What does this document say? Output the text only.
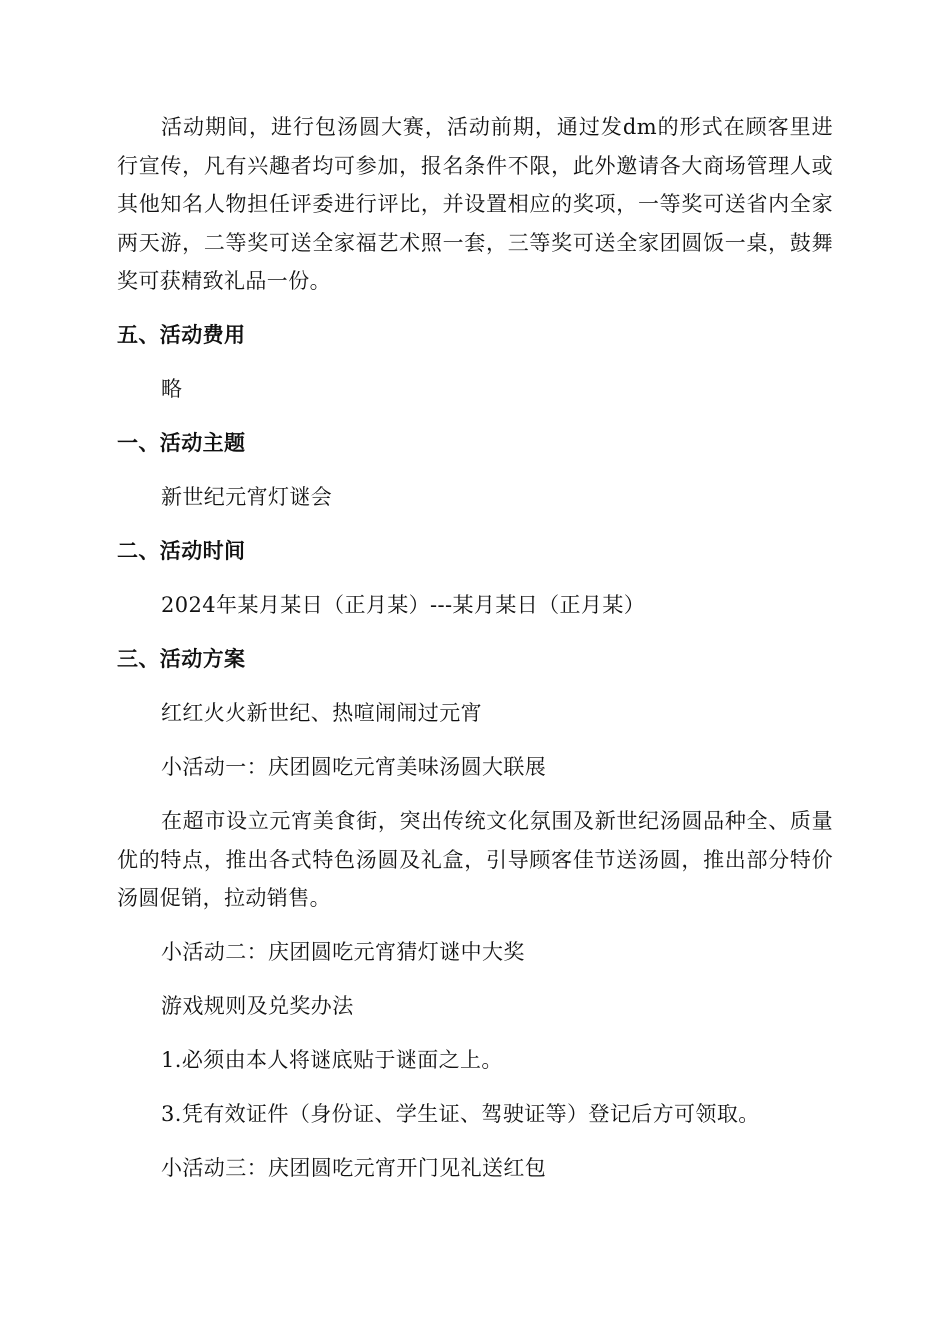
活动期间，进行包汤圆大赛，活动前期，通过发dm的形式在顾客里进行宣传，凡有兴趣者均可参加，报名条件不限，此外邀请各大商场管理人或其他知名人物担任评委进行评比，并设置相应的奖项，一等奖可送省内全家两天游，二等奖可送全家福艺术照一套，三等奖可送全家团圆饭一桌，鼓舞奖可获精致礼品一份。

五、活动费用

略

一、活动主题

新世纪元宵灯谜会

二、活动时间

2024年某月某日（正月某）---某月某日（正月某）

三、活动方案

红红火火新世纪、热喧闹闹过元宵

小活动一：庆团圆吃元宵美味汤圆大联展

在超市设立元宵美食街，突出传统文化氛围及新世纪汤圆品种全、质量优的特点，推出各式特色汤圆及礼盒，引导顾客佳节送汤圆，推出部分特价汤圆促销，拉动销售。

小活动二：庆团圆吃元宵猜灯谜中大奖

游戏规则及兑奖办法

1.必须由本人将谜底贴于谜面之上。

3.凭有效证件（身份证、学生证、驾驶证等）登记后方可领取。

小活动三：庆团圆吃元宵开门见礼送红包
